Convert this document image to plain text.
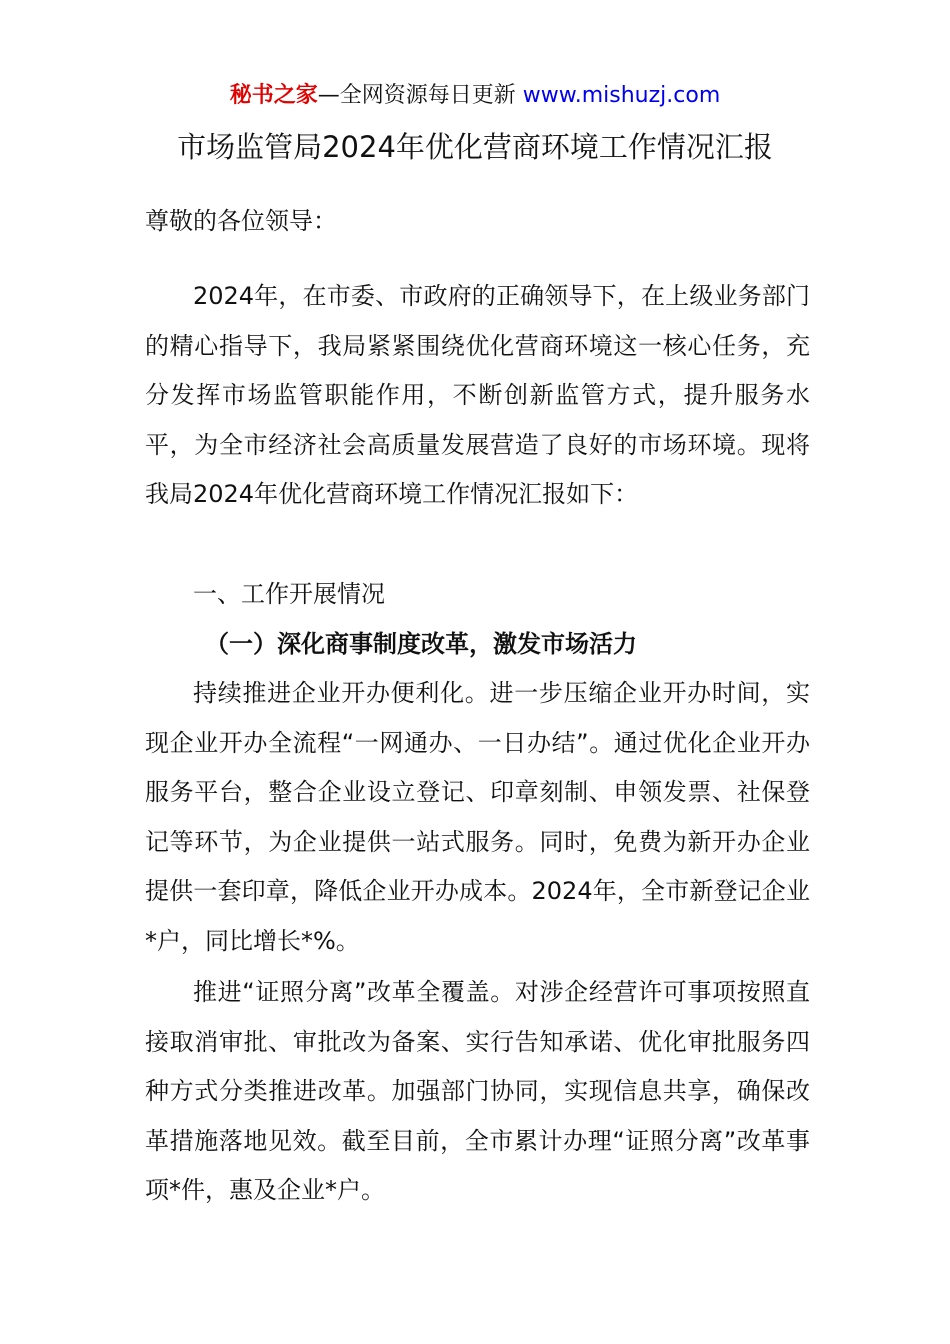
秘书之家—全网资源每日更新 www.mishuzj.com
市场监管局2024年优化营商环境工作情况汇报

尊敬的各位领导：

2024年，在市委、市政府的正确领导下，在上级业务部门的精心指导下，我局紧紧围绕优化营商环境这一核心任务，充分发挥市场监管职能作用，不断创新监管方式，提升服务水平，为全市经济社会高质量发展营造了良好的市场环境。现将我局2024年优化营商环境工作情况汇报如下：

一、工作开展情况

（一）深化商事制度改革，激发市场活力

持续推进企业开办便利化。进一步压缩企业开办时间，实现企业开办全流程“一网通办、一日办结”。通过优化企业开办服务平台，整合企业设立登记、印章刻制、申领发票、社保登记等环节，为企业提供一站式服务。同时，免费为新开办企业提供一套印章，降低企业开办成本。2024年，全市新登记企业*户，同比增长*%。

推进“证照分离”改革全覆盖。对涉企经营许可事项按照直接取消审批、审批改为备案、实行告知承诺、优化审批服务四种方式分类推进改革。加强部门协同，实现信息共享，确保改革措施落地见效。截至目前，全市累计办理“证照分离”改革事项*件，惠及企业*户。
